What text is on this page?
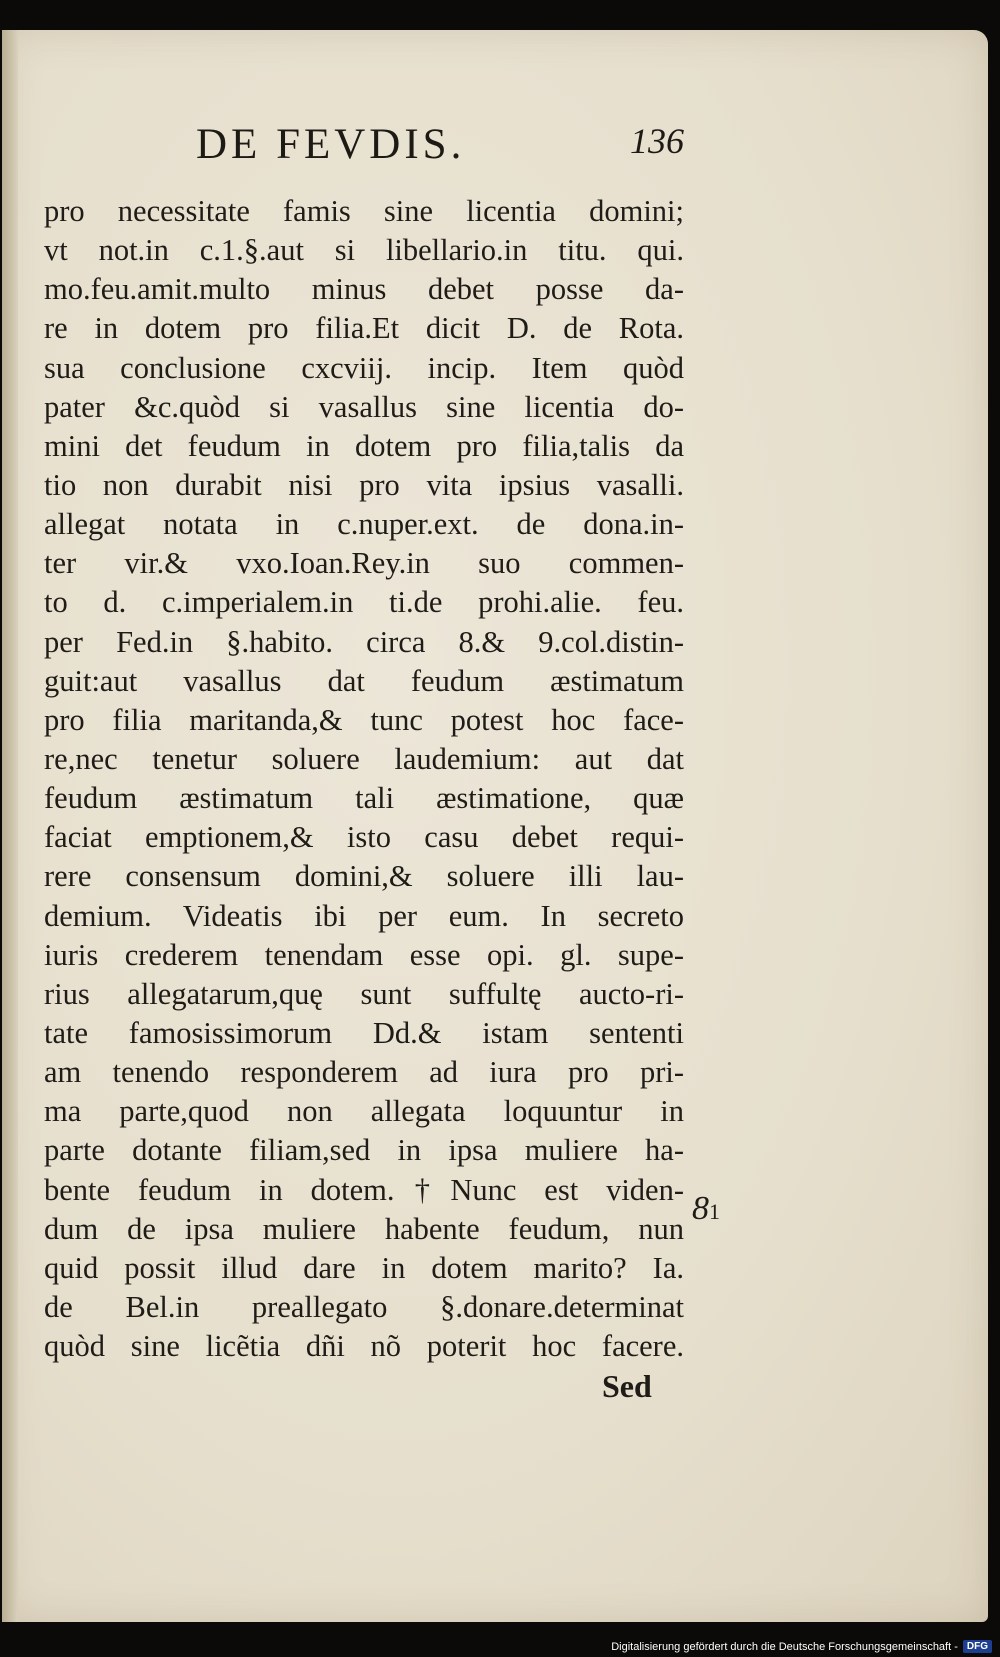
DE FEVDIS.	136
pro necessitate famis sine licentia domini;
vt not.in c.1.§.aut si libellario.in titu. qui.
mo.feu.amit.multo minus debet posse da-
re in dotem pro filia.Et dicit D. de Rota.
sua conclusione cxcviij. incip. Item quòd
pater &c.quòd si vasallus sine licentia do-
mini det feudum in dotem pro filia,talis da
tio non durabit nisi pro vita ipsius vasalli.
allegat notata in c.nuper.ext. de dona.in-
ter vir.& vxo.Ioan.Rey.in suo commen-
to d. c.imperialem.in ti.de prohi.alie. feu.
per Fed.in §.habito. circa 8.& 9.col.distin-
guit:aut vasallus dat feudum æstimatum
pro filia maritanda,& tunc potest hoc face-
re,nec tenetur soluere laudemium: aut dat
feudum æstimatum tali æstimatione, quæ
faciat emptionem,& isto casu debet requi-
rere consensum domini,& soluere illi lau-
demium. Videatis ibi per eum. In secreto
iuris crederem tenendam esse opi. gl. supe-
rius allegatarum,quę sunt suffultę aucto-ri-
tate famosissimorum Dd.& istam sententi
am tenendo responderem ad iura pro pri-
ma parte,quod non allegata loquuntur in
parte dotante filiam,sed in ipsa muliere ha-
bente feudum in dotem.†Nunc est viden-
dum de ipsa muliere habente feudum, nun
quid possit illud dare in dotem marito? Ia.
de Bel.in preallegato §.donare.determinat
quòd sine licẽtia dñi nõ poterit hoc facere.
81
Sed
Digitalisierung gefördert durch die Deutsche Forschungsgemeinschaft - DFG
